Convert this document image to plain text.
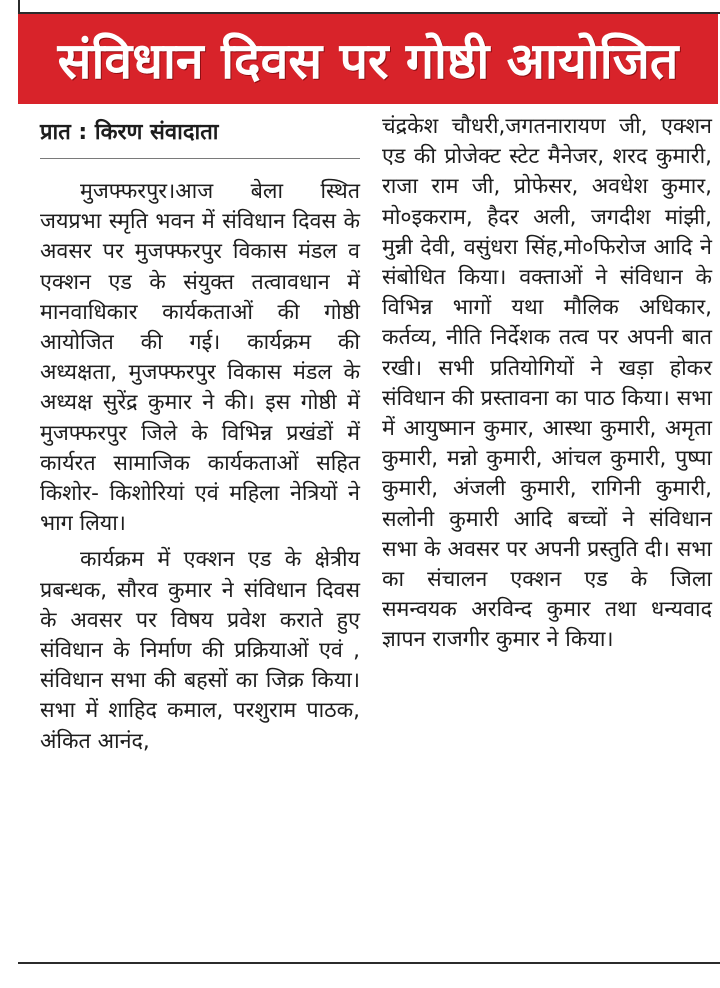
संविधान दिवस पर गोष्ठी आयोजित
प्रात : किरण संवादाता

मुजफ्फरपुर।आज बेला स्थित जयप्रभा स्मृति भवन में संविधान दिवस के अवसर पर मुजफ्फरपुर विकास मंडल व एक्शन एड के संयुक्त तत्वावधान में मानवाधिकार कार्यकताओं की गोष्ठी आयोजित की गई। कार्यक्रम की अध्यक्षता, मुजफ्फरपुर विकास मंडल के अध्यक्ष सुरेंद्र कुमार ने की। इस गोष्ठी में मुजफ्फरपुर जिले के विभिन्न प्रखंडों में कार्यरत सामाजिक कार्यकताओं सहित किशोर- किशोरियां एवं महिला नेत्रियों ने भाग लिया।

कार्यक्रम में एक्शन एड के क्षेत्रीय प्रबन्धक, सौरव कुमार ने संविधान दिवस के अवसर पर विषय प्रवेश कराते हुए संविधान के निर्माण की प्रक्रियाओं एवं , संविधान सभा की बहसों का जिक्र किया। सभा में शाहिद कमाल, परशुराम पाठक, अंकित आनंद,

चंद्रकेश चौधरी,जगतनारायण जी, एक्शन एड की प्रोजेक्ट स्टेट मैनेजर, शरद कुमारी, राजा राम जी, प्रोफेसर, अवधेश कुमार, मो०इकराम, हैदर अली, जगदीश मांझी, मुन्नी देवी, वसुंधरा सिंह,मो०फिरोज आदि ने संबोधित किया। वक्ताओं ने संविधान के विभिन्न भागों यथा मौलिक अधिकार, कर्तव्य, नीति निर्देशक तत्व पर अपनी बात रखी। सभी प्रतियोगियों ने खड़ा होकर संविधान की प्रस्तावना का पाठ किया। सभा में आयुष्मान कुमार, आस्था कुमारी, अमृता कुमारी, मन्नो कुमारी, आंचल कुमारी, पुष्पा कुमारी, अंजली कुमारी, रागिनी कुमारी, सलोनी कुमारी आदि बच्चों ने संविधान सभा के अवसर पर अपनी प्रस्तुति दी। सभा का संचालन एक्शन एड के जिला समन्वयक अरविन्द कुमार तथा धन्यवाद ज्ञापन राजगीर कुमार ने किया।
